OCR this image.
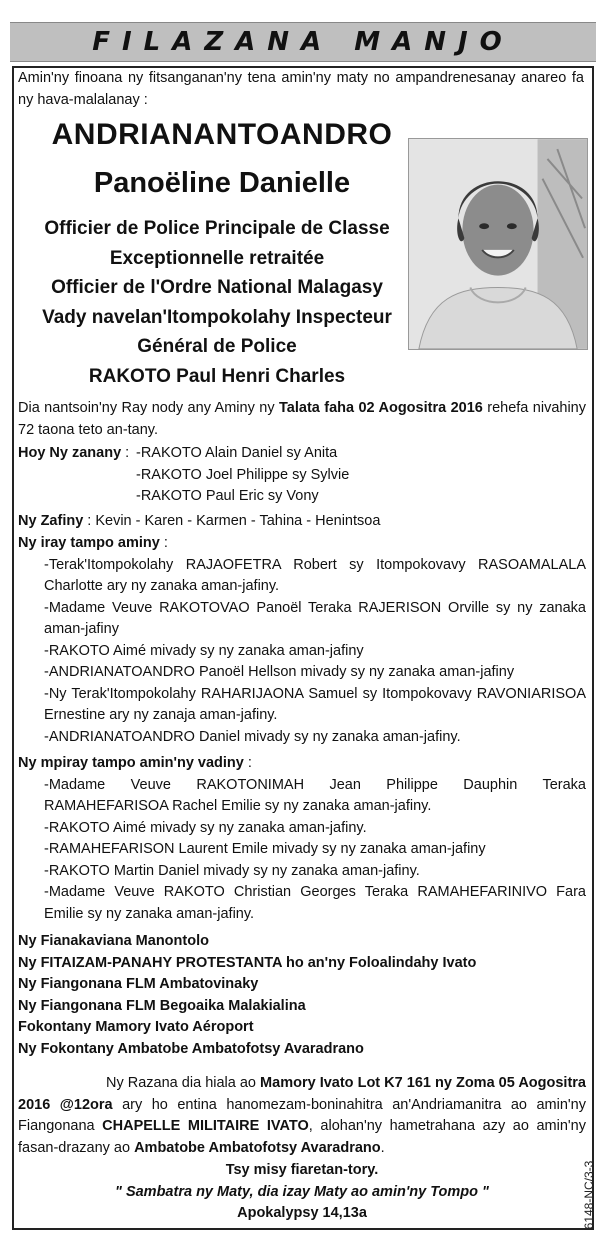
FILAZANA MANJO

Amin'ny finoana ny fitsanganan'ny tena amin'ny maty no ampandrenesanay anareo fa ny hava-malalanay :

ANDRIANANTOANDRO
Panoëline Danielle
Officier de Police Principale de Classe
Exceptionnelle retraitée
Officier de l'Ordre National Malagasy
Vady navelan'Itompokolahy Inspecteur
Général de Police
RAKOTO Paul Henri Charles

Dia nantsoin'ny Ray nody any Aminy ny Talata faha 02 Aogositra 2016 rehefa nivahiny 72 taona teto an-tany.

Hoy Ny zanany : -RAKOTO Alain Daniel sy Anita
-RAKOTO Joel Philippe sy Sylvie
-RAKOTO Paul Eric sy Vony

Ny Zafiny : Kevin - Karen - Karmen - Tahina - Henintsoa

Ny iray tampo aminy :

-Terak'Itompokolahy RAJAOFETRA Robert sy Itompokovavy RASOAMALALA Charlotte ary ny zanaka aman-jafiny.

-Madame Veuve RAKOTOVAO Panoël Teraka RAJERISON Orville sy ny zanaka aman-jafiny

-RAKOTO Aimé mivady sy ny zanaka aman-jafiny

-ANDRIANATOANDRO Panoël Hellson mivady sy ny zanaka aman-jafiny

-Ny Terak'Itompokolahy RAHARIJAONA Samuel sy Itompokovavy RAVONIARISOA Ernestine ary ny zanaja aman-jafiny.

-ANDRIANATOANDRO Daniel mivady sy ny zanaka aman-jafiny.

Ny mpiray tampo amin'ny vadiny :

-Madame Veuve RAKOTONIMAH Jean Philippe Dauphin Teraka RAMAHEFARISOA Rachel Emilie sy ny zanaka aman-jafiny.

-RAKOTO Aimé mivady sy ny zanaka aman-jafiny.

-RAMAHEFARISON Laurent Emile mivady sy ny zanaka aman-jafiny

-RAKOTO Martin Daniel mivady sy ny zanaka aman-jafiny.

-Madame Veuve RAKOTO Christian Georges Teraka RAMAHEFARINIVO Fara Emilie sy ny zanaka aman-jafiny.

Ny Fianakaviana Manontolo

Ny FITAIZAM-PANAHY PROTESTANTA ho an'ny Foloalindahy Ivato

Ny Fiangonana FLM Ambatovinaky

Ny Fiangonana FLM Begoaika Malakialina

Fokontany Mamory Ivato Aéroport

Ny Fokontany Ambatobe Ambatofotsy Avaradrano

Ny Razana dia hiala ao Mamory Ivato Lot K7 161 ny Zoma 05 Aogositra 2016 @12ora ary ho entina hanomezam-boninahitra an'Andriamanitra ao amin'ny Fiangonana CHAPELLE MILITAIRE IVATO, alohan'ny hametrahana azy ao amin'ny fasan-drazany ao Ambatobe Ambatofotsy Avaradrano.

Tsy misy fiaretan-tory.

" Sambatra ny Maty, dia izay Maty ao amin'ny Tompo "

Apokalypsy 14,13a	6148-NC/3-3
